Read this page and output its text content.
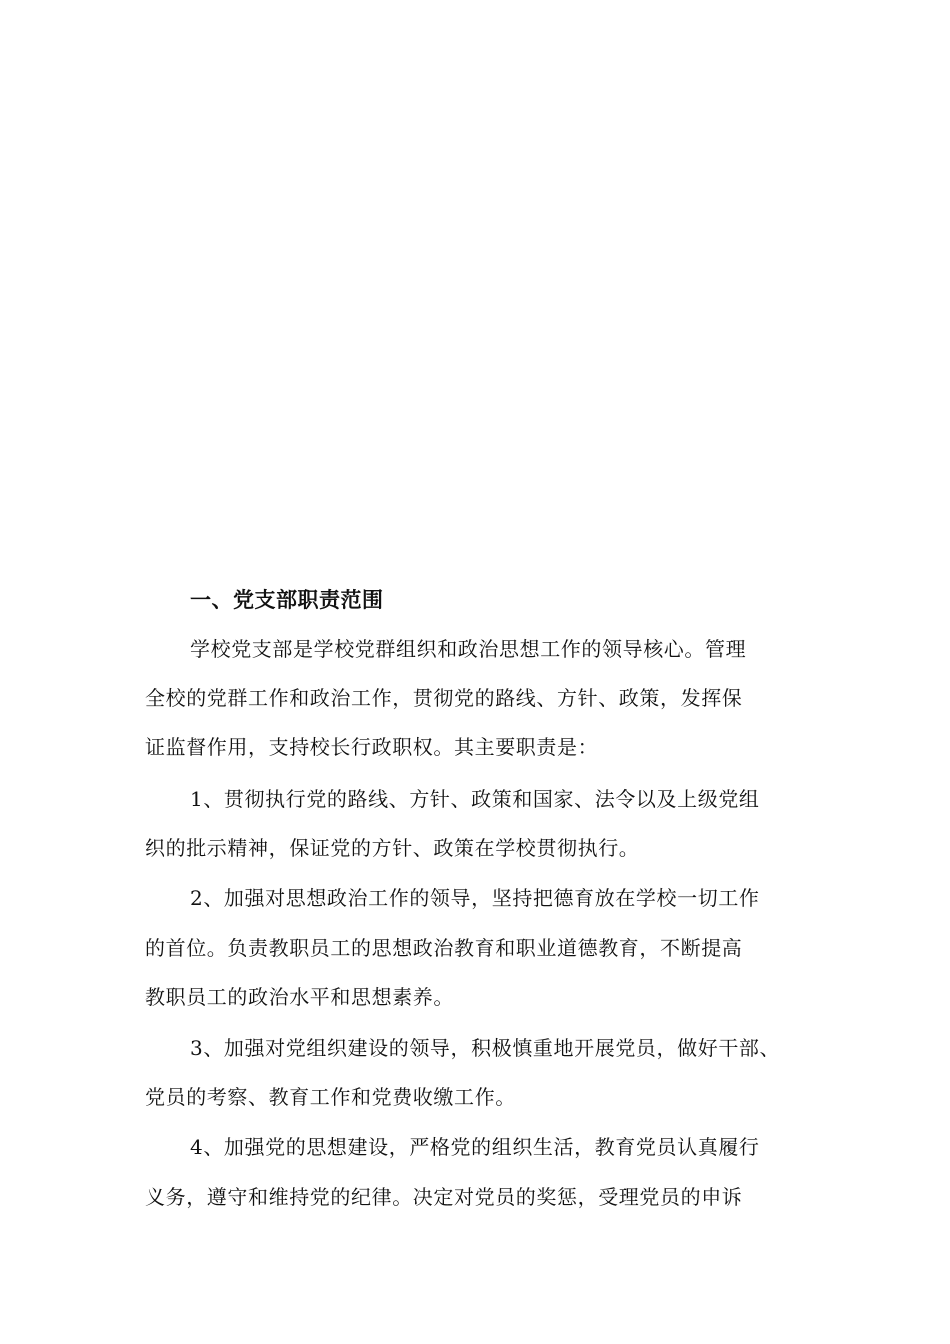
一、党支部职责范围
学校党支部是学校党群组织和政治思想工作的领导核心。管理
全校的党群工作和政治工作，贯彻党的路线、方针、政策，发挥保
证监督作用，支持校长行政职权。其主要职责是：
1、贯彻执行党的路线、方针、政策和国家、法令以及上级党组
织的批示精神，保证党的方针、政策在学校贯彻执行。
2、加强对思想政治工作的领导，坚持把德育放在学校一切工作
的首位。负责教职员工的思想政治教育和职业道德教育，不断提高
教职员工的政治水平和思想素养。
3、加强对党组织建设的领导，积极慎重地开展党员，做好干部、
党员的考察、教育工作和党费收缴工作。
4、加强党的思想建设，严格党的组织生活，教育党员认真履行
义务，遵守和维持党的纪律。决定对党员的奖惩，受理党员的申诉
